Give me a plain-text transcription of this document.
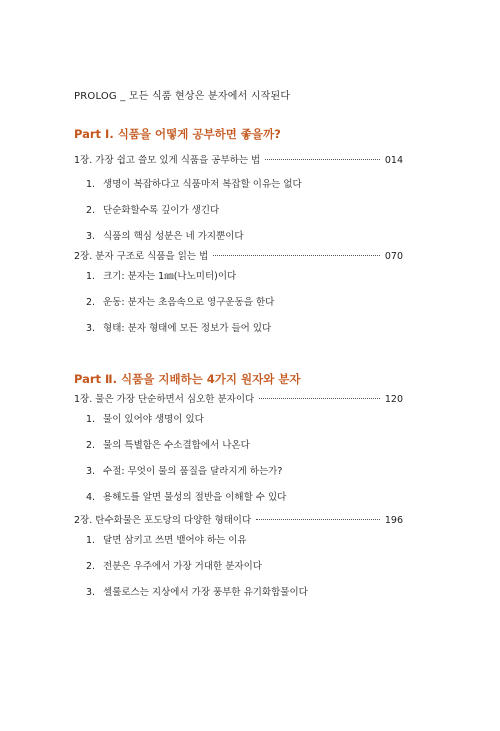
PROLOG _ 모든 식품 현상은 분자에서 시작된다
Part Ⅰ. 식품을 어떻게 공부하면 좋을까?
1장. 가장 쉽고 쓸모 있게 식품을 공부하는 법	014
1. 생명이 복잡하다고 식품마저 복잡할 이유는 없다
2. 단순화할수록 깊이가 생긴다
3. 식품의 핵심 성분은 네 가지뿐이다
2장. 분자 구조로 식품을 읽는 법	070
1. 크기: 분자는 1㎚(나노미터)이다
2. 운동: 분자는 초음속으로 영구운동을 한다
3. 형태: 분자 형태에 모든 정보가 들어 있다
Part Ⅱ. 식품을 지배하는 4가지 원자와 분자
1장. 물은 가장 단순하면서 심오한 분자이다	120
1. 물이 있어야 생명이 있다
2. 물의 특별함은 수소결합에서 나온다
3. 수절: 무엇이 물의 품질을 달라지게 하는가?
4. 용해도를 알면 물성의 절반을 이해할 수 있다
2장. 탄수화물은 포도당의 다양한 형태이다	196
1. 달면 삼키고 쓰면 뱉어야 하는 이유
2. 전분은 우주에서 가장 거대한 분자이다
3. 셀룰로스는 지상에서 가장 풍부한 유기화합물이다
